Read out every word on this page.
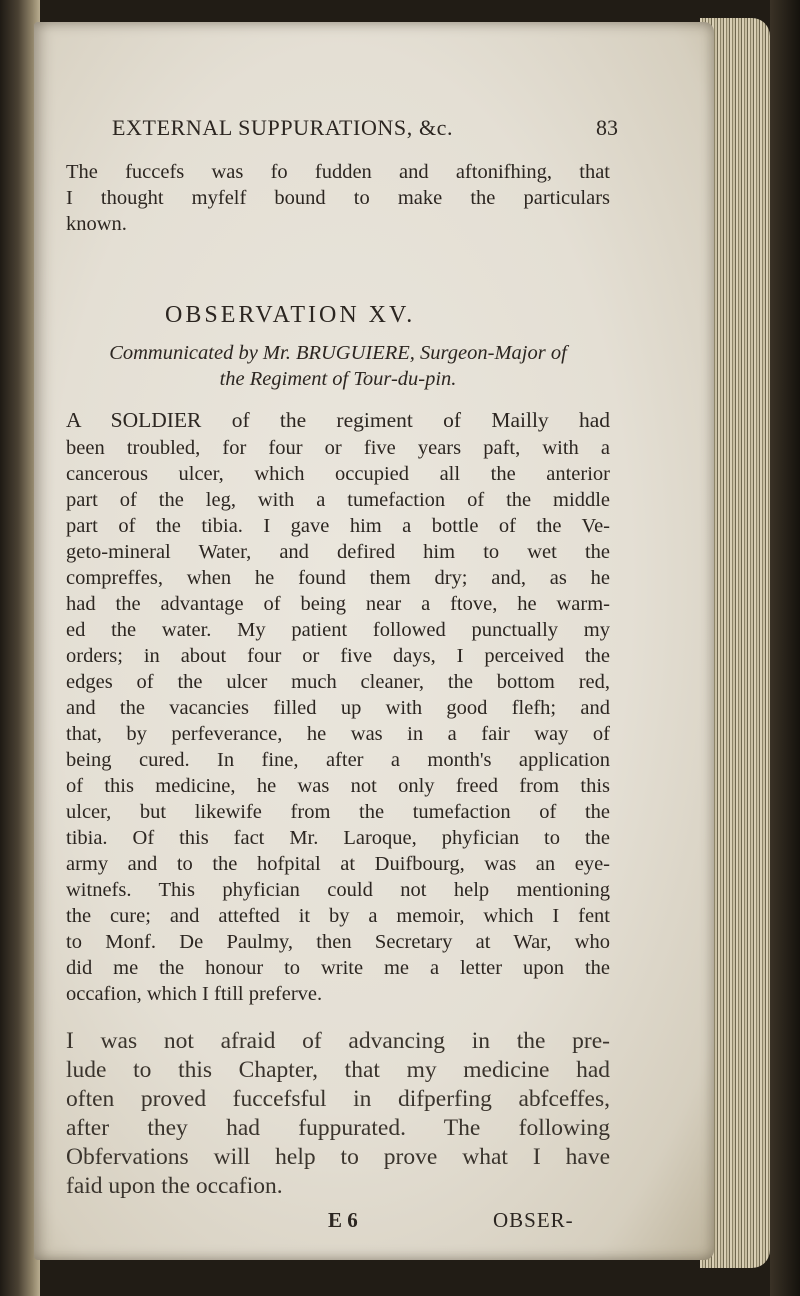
EXTERNAL SUPPURATIONS, &c.	83

The fuccefs was fo fudden and aftonifhing, that

I thought myfelf bound to make the particulars

known.

OBSERVATION XV.

Communicated by Mr. BRUGUIERE, Surgeon-Major of

the Regiment of Tour-du-pin.

A SOLDIER of the regiment of Mailly had

been troubled, for four or five years paft, with a

cancerous ulcer, which occupied all the anterior

part of the leg, with a tumefaction of the middle

part of the tibia. I gave him a bottle of the Ve-

geto-mineral Water, and defired him to wet the

compreffes, when he found them dry; and, as he

had the advantage of being near a ftove, he warm-

ed the water. My patient followed punctually my

orders; in about four or five days, I perceived the

edges of the ulcer much cleaner, the bottom red,

and the vacancies filled up with good flefh; and

that, by perfeverance, he was in a fair way of

being cured. In fine, after a month's application

of this medicine, he was not only freed from this

ulcer, but likewife from the tumefaction of the

tibia. Of this fact Mr. Laroque, phyfician to the

army and to the hofpital at Duifbourg, was an eye-

witnefs. This phyfician could not help mentioning

the cure; and attefted it by a memoir, which I fent

to Monf. De Paulmy, then Secretary at War, who

did me the honour to write me a letter upon the

occafion, which I ftill preferve.

I was not afraid of advancing in the pre-

lude to this Chapter, that my medicine had

often proved fuccefsful in difperfing abfceffes,

after they had fuppurated. The following

Obfervations will help to prove what I have

faid upon the occafion.

E 6	OBSER-
